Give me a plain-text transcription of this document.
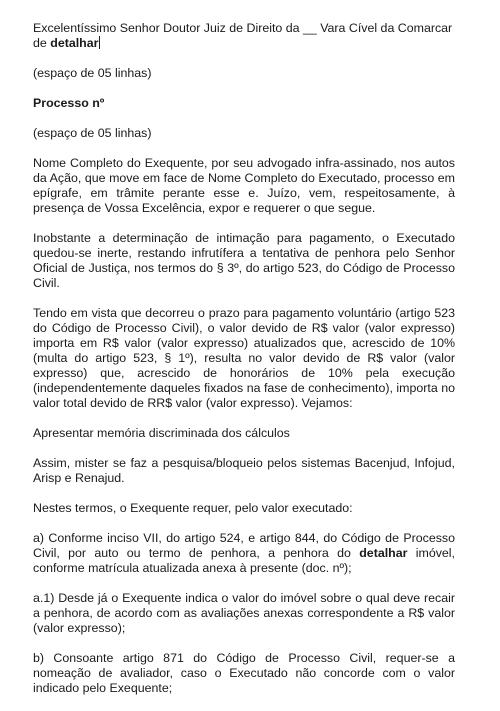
Excelentíssimo Senhor Doutor Juiz de Direito da __ Vara Cível da Comarcar de detalhar

(espaço de 05 linhas)

Processo nº

(espaço de 05 linhas)

Nome Completo do Exequente, por seu advogado infra-assinado, nos autos da Ação, que move em face de Nome Completo do Executado, processo em epígrafe, em trâmite perante esse e. Juízo, vem, respeitosamente, à presença de Vossa Excelência, expor e requerer o que segue.

Inobstante a determinação de intimação para pagamento, o Executado quedou-se inerte, restando infrutífera a tentativa de penhora pelo Senhor Oficial de Justiça, nos termos do § 3º, do artigo 523, do Código de Processo Civil.

Tendo em vista que decorreu o prazo para pagamento voluntário (artigo 523 do Código de Processo Civil), o valor devido de R$ valor (valor expresso) importa em R$ valor (valor expresso) atualizados que, acrescido de 10% (multa do artigo 523, § 1º), resulta no valor devido de R$ valor (valor expresso) que, acrescido de honorários de 10% pela execução (independentemente daqueles fixados na fase de conhecimento), importa no valor total devido de RR$ valor (valor expresso). Vejamos:

Apresentar memória discriminada dos cálculos

Assim, mister se faz a pesquisa/bloqueio pelos sistemas Bacenjud, Infojud, Arisp e Renajud.

Nestes termos, o Exequente requer, pelo valor executado:

a) Conforme inciso VII, do artigo 524, e artigo 844, do Código de Processo Civil, por auto ou termo de penhora, a penhora do detalhar imóvel, conforme matrícula atualizada anexa à presente (doc. nº);

a.1) Desde já o Exequente indica o valor do imóvel sobre o qual deve recair a penhora, de acordo com as avaliações anexas correspondente a R$ valor (valor expresso);

b) Consoante artigo 871 do Código de Processo Civil, requer-se a nomeação de avaliador, caso o Executado não concorde com o valor indicado pelo Exequente;
